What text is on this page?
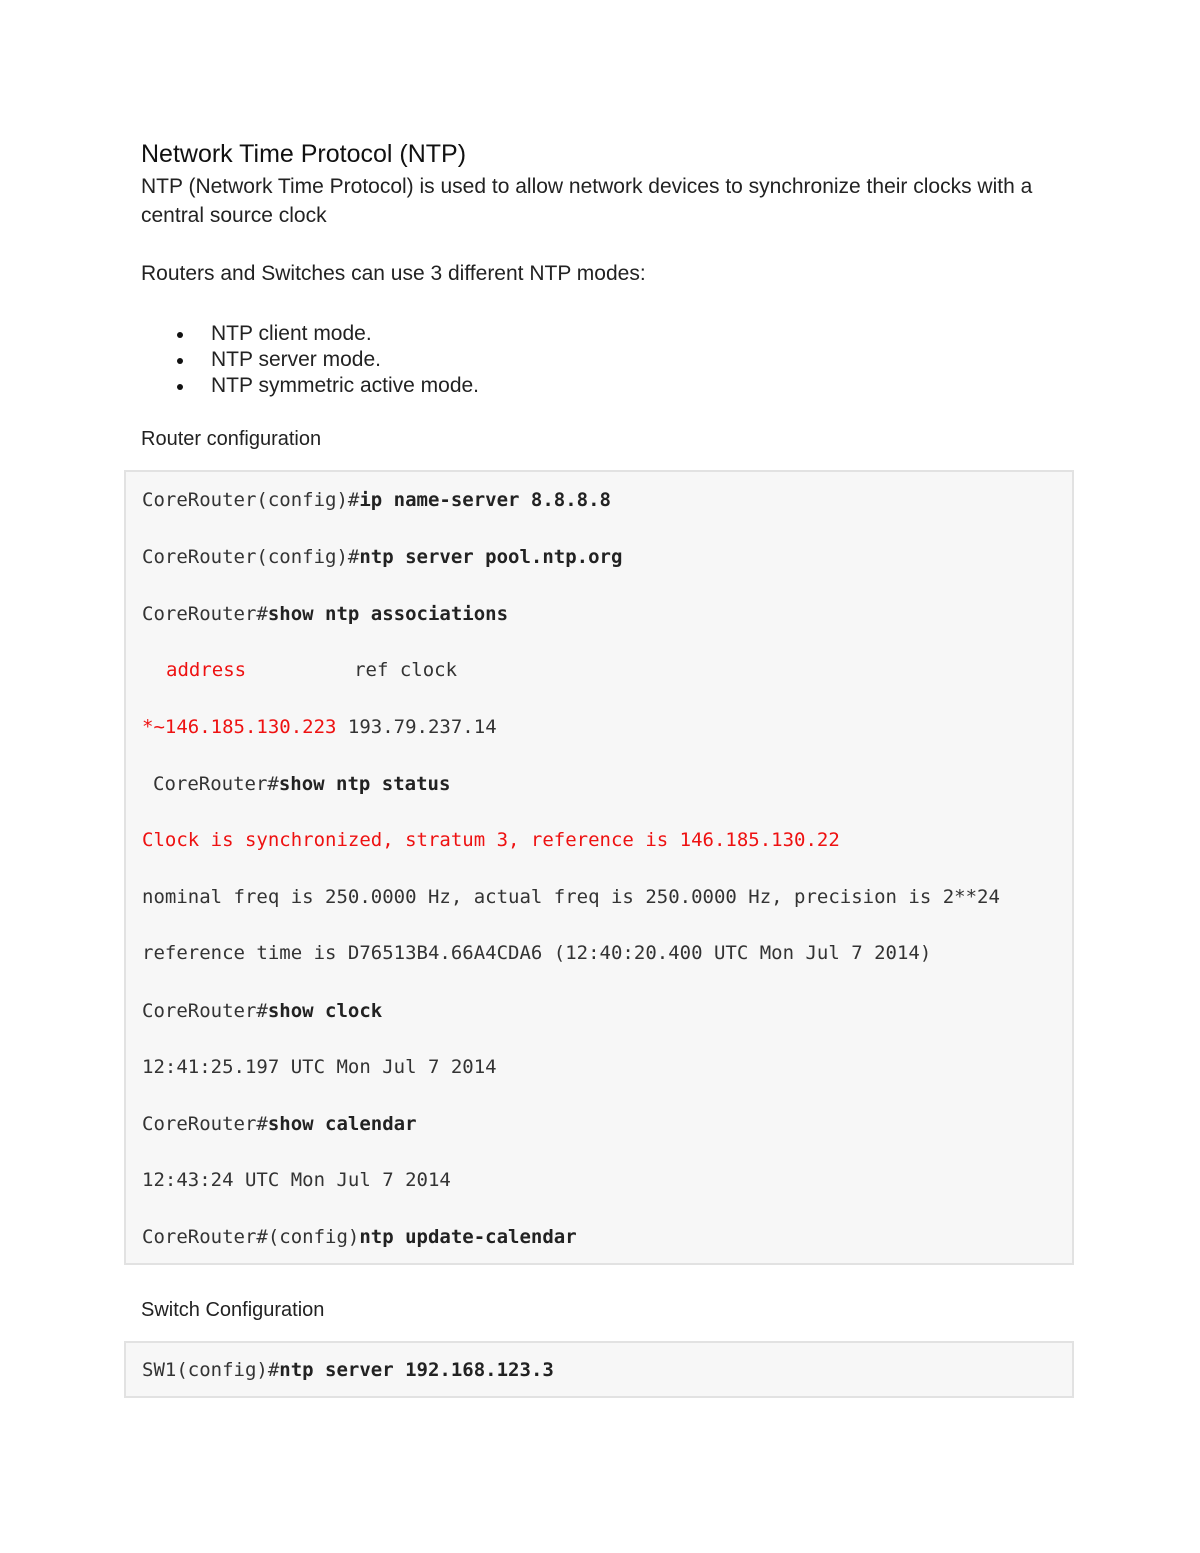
Network Time Protocol (NTP)

NTP (Network Time Protocol) is used to allow network devices to synchronize their clocks with a central source clock

Routers and Switches can use 3 different NTP modes:

NTP client mode.
NTP server mode.
NTP symmetric active mode.

Router configuration

CoreRouter(config)#ip name-server 8.8.8.8
CoreRouter(config)#ntp server pool.ntp.org
CoreRouter#show ntp associations
address	ref clock
*~146.185.130.223 193.79.237.14
CoreRouter#show ntp status
Clock is synchronized, stratum 3, reference is 146.185.130.22
nominal freq is 250.0000 Hz, actual freq is 250.0000 Hz, precision is 2**24
reference time is D76513B4.66A4CDA6 (12:40:20.400 UTC Mon Jul 7 2014)
CoreRouter#show clock
12:41:25.197 UTC Mon Jul 7 2014
CoreRouter#show calendar
12:43:24 UTC Mon Jul 7 2014
CoreRouter#(config)ntp update-calendar

Switch Configuration

SW1(config)#ntp server 192.168.123.3
